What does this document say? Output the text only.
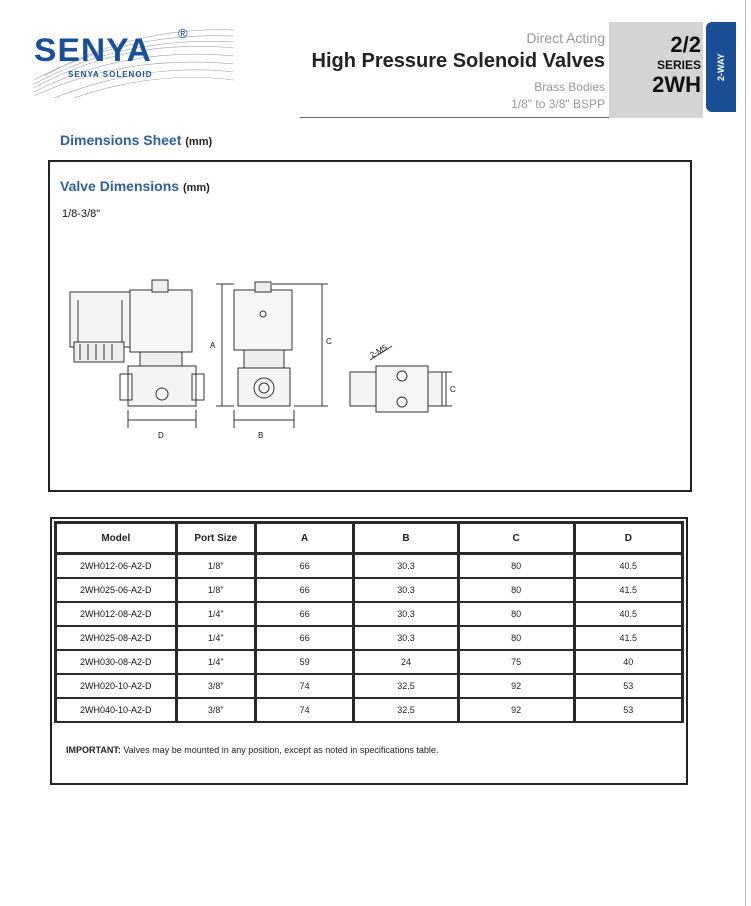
SENYA ®
SENYA SOLENOID
Direct Acting
High Pressure Solenoid Valves
Brass Bodies
1/8" to 3/8" BSPP
2/2
SERIES
2WH
2-WAY
Dimensions Sheet (mm)
Valve Dimensions (mm)
1/8-3/8"
A
D	B
C
C
2-M5
Model	Port Size	A	B	C	D
2WH012-06-A2-D	1/8"	66	30.3	80	40.5
2WH025-06-A2-D	1/8"	66	30.3	80	41.5
2WH012-08-A2-D	1/4"	66	30.3	80	40.5
2WH025-08-A2-D	1/4"	66	30.3	80	41.5
2WH030-08-A2-D	1/4"	59	24	75	40
2WH020-10-A2-D	3/8"	74	32.5	92	53
2WH040-10-A2-D	3/8"	74	32.5	92	53
IMPORTANT: Valves may be mounted in any position, except as noted in specifications table.
